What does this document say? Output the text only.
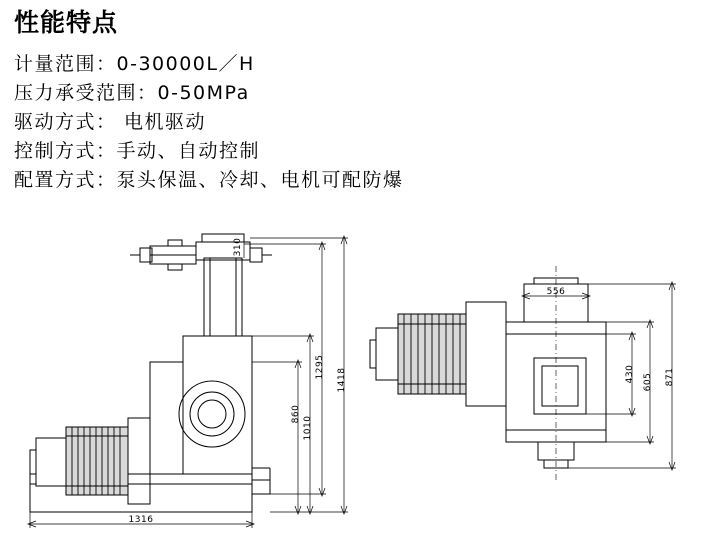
性能特点
计量范围：0-30000L／H
压力承受范围：0-50MPa
驱动方式： 电机驱动
控制方式：手动、自动控制
配置方式：泵头保温、冷却、电机可配防爆
1418
1295
1010
860
310
1316
871
605
430
556
